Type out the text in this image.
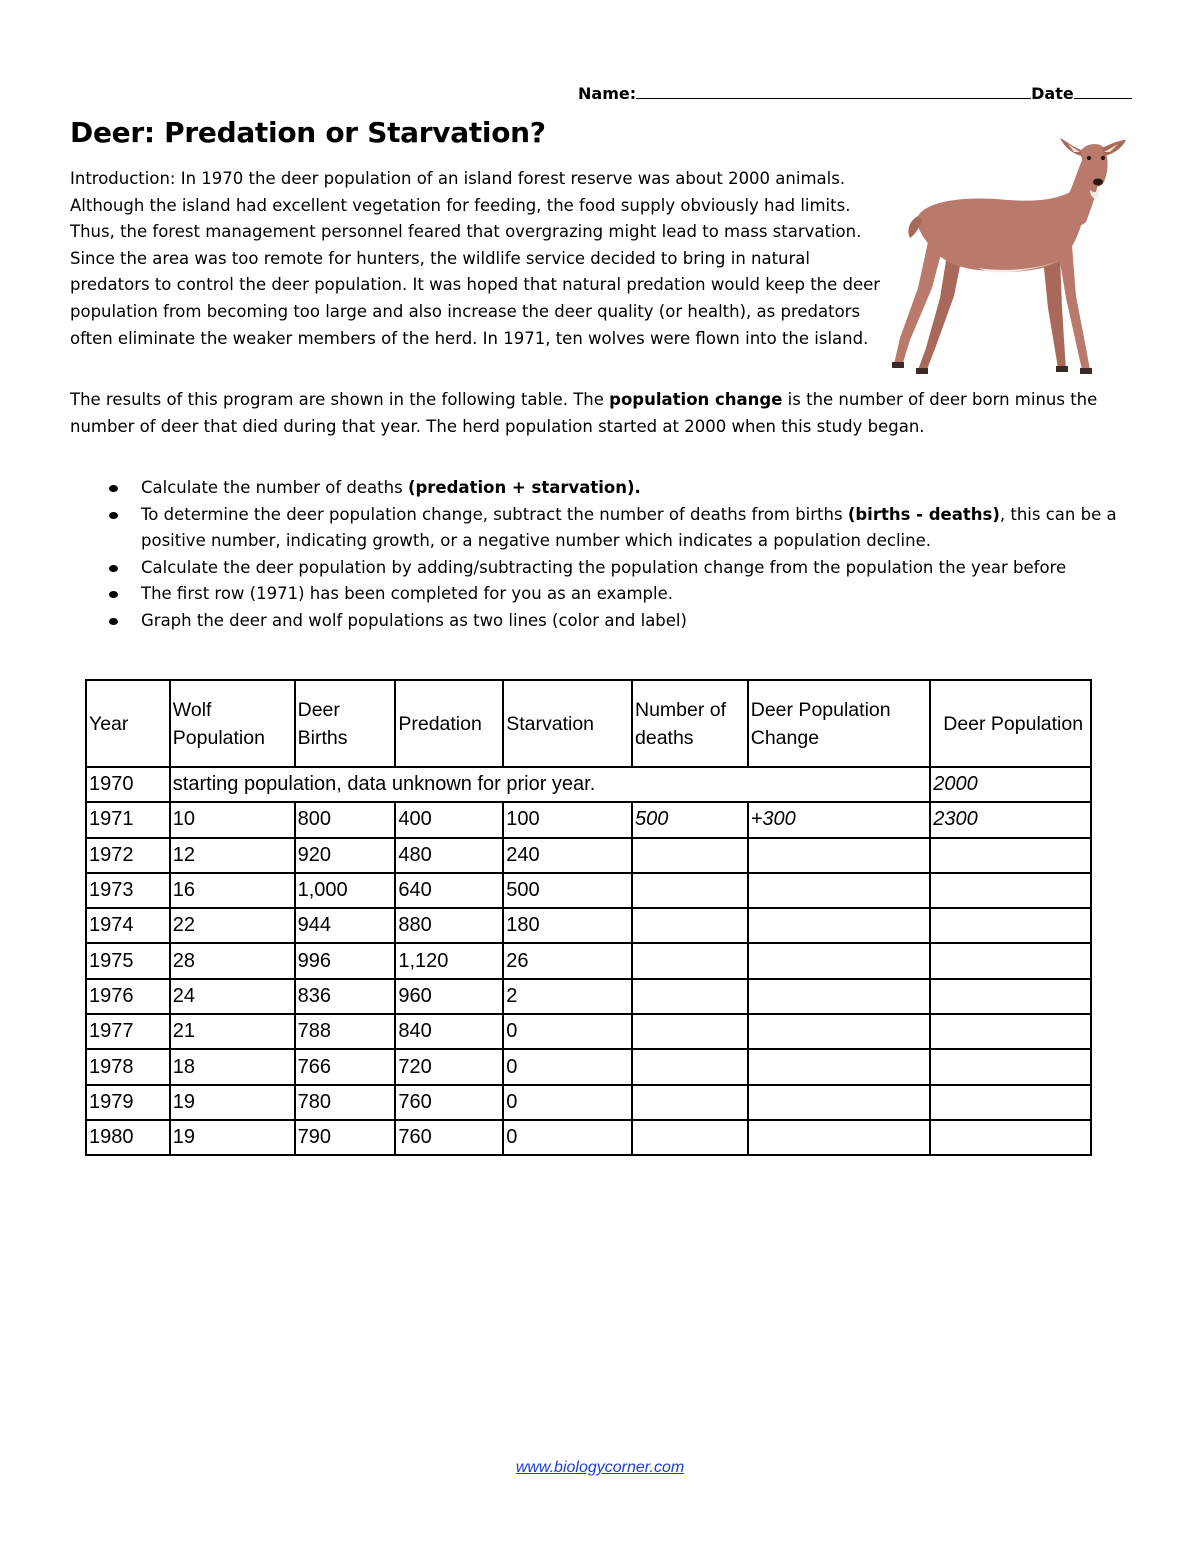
Name:	Date
Deer: Predation or Starvation?
Introduction: In 1970 the deer population of an island forest reserve was about 2000 animals. Although the island had excellent vegetation for feeding, the food supply obviously had limits. Thus, the forest management personnel feared that overgrazing might lead to mass starvation. Since the area was too remote for hunters, the wildlife service decided to bring in natural predators to control the deer population. It was hoped that natural predation would keep the deer population from becoming too large and also increase the deer quality (or health), as predators often eliminate the weaker members of the herd. In 1971, ten wolves were flown into the island.
The results of this program are shown in the following table. The population change is the number of deer born minus the number of deer that died during that year. The herd population started at 2000 when this study began.
Calculate the number of deaths (predation + starvation).
To determine the deer population change, subtract the number of deaths from births (births - deaths), this can be a positive number, indicating growth, or a negative number which indicates a population decline.
Calculate the deer population by adding/subtracting the population change from the population the year before
The first row (1971) has been completed for you as an example.
Graph the deer and wolf populations as two lines (color and label)
Year	Wolf Population	Deer Births	Predation	Starvation	Number of deaths	Deer Population Change	Deer Population
1970	starting population, data unknown for prior year.						2000
1971	10	800	400	100	500	+300	2300
1972	12	920	480	240			
1973	16	1,000	640	500			
1974	22	944	880	180			
1975	28	996	1,120	26			
1976	24	836	960	2			
1977	21	788	840	0			
1978	18	766	720	0			
1979	19	780	760	0			
1980	19	790	760	0			
www.biologycorner.com
